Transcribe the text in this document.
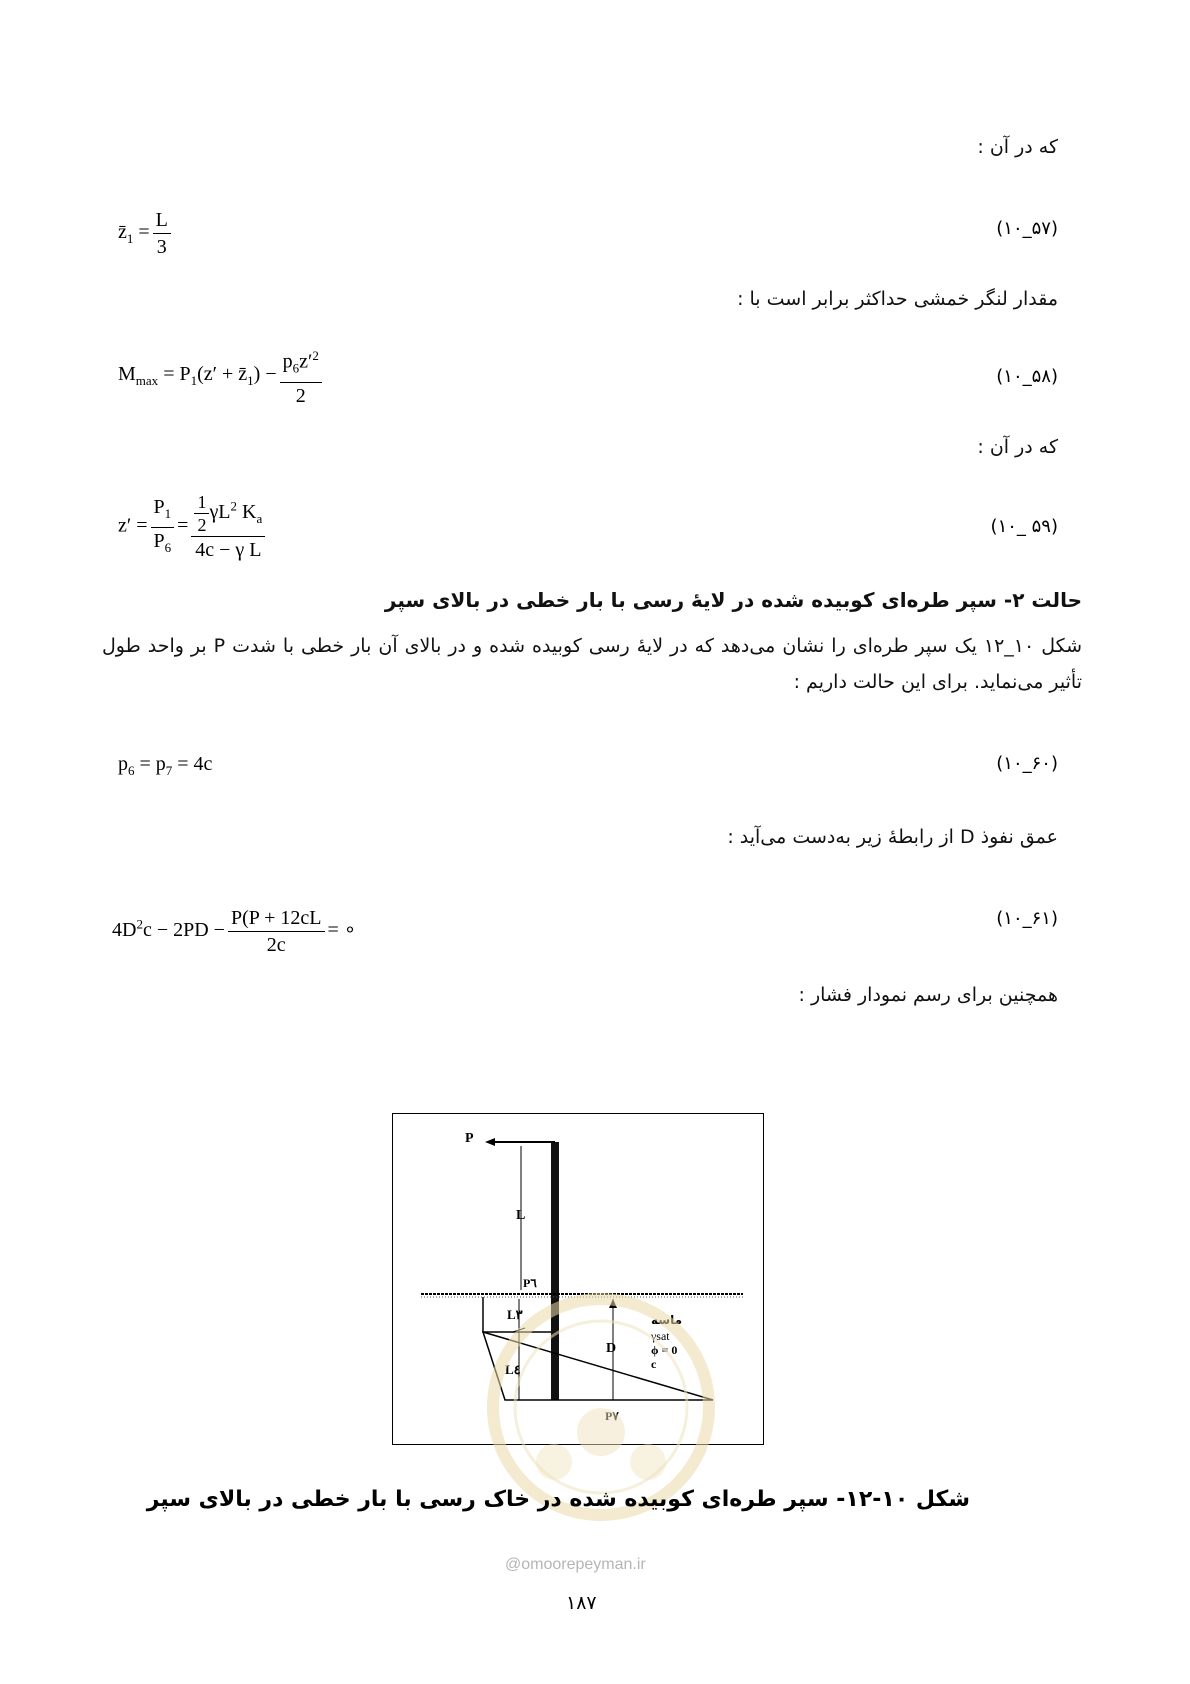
که در آن :
$z̄_1 = \frac{L}{3}$	(۱۰_۵۷)
مقدار لنگر خمشی حداکثر برابر است با :
$M_{max} = P_1(z'$ + $z̄_1) - \frac{p_6z'^2}{2}$	(۱۰_۵۸)
که در آن :
$z' = \frac{P_1}{P_6} = \frac{\frac{1}{2} \gamma L^2 K_a}{\text{4c − γ L}}$	(۱۰_ ۵۹)
حالت ۲- سپر طره‌ای کوبیده شده در لایهٔ رسی با بار خطی در بالای سپر
شکل ۱۰_۱۲ یک سپر طره‌ای را نشان می‌دهد که در لایهٔ رسی کوبیده شده و در بالای آن بار خطی با شدت P بر واحد طول تأثیر می‌نماید. برای این حالت داریم :
$p_6 = p_7 = 4c$	(۱۰_۶۰)
عمق نفوذ D از رابطهٔ زیر به‌دست می‌آید :
$4D^2c - 2PD - \frac{P(P + 12cL}{2c}$ = ∘
(۱۰_۶۱)
همچنین برای رسم نمودار فشار :
P
L
P٦
L۳
L٤
D
ماسه
γsat
ϕ = 0
c
شکل ۱۰-۱۲- سپر طره‌ای کوبیده شده در خاک رسی با بار خطی در بالای سپر
@omoorepeyman.ir
۱۸۷
